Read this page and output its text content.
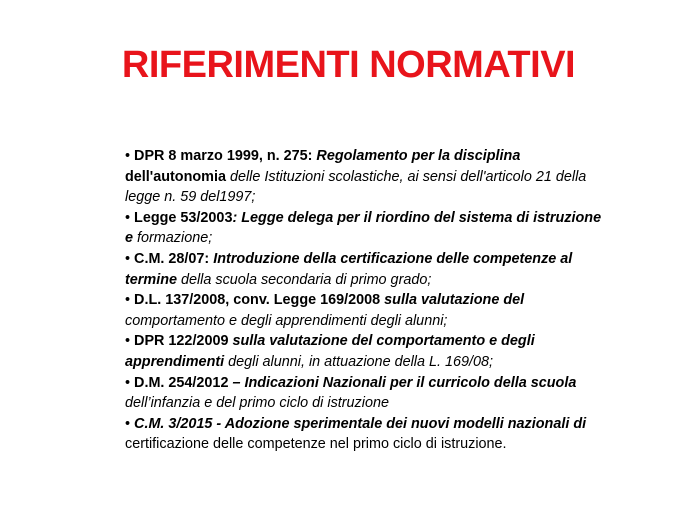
RIFERIMENTI NORMATIVI
• DPR 8 marzo 1999, n. 275: Regolamento per la disciplina
dell'autonomia delle Istituzioni scolastiche, ai sensi dell'articolo 21 della
legge n. 59 del1997;
• Legge 53/2003: Legge delega per il riordino del sistema di istruzione
e formazione;
• C.M. 28/07: Introduzione della certificazione delle competenze al
termine della scuola secondaria di primo grado;
• D.L. 137/2008, conv. Legge 169/2008 sulla valutazione del
comportamento e degli apprendimenti degli alunni;
• DPR 122/2009 sulla valutazione del comportamento e degli
apprendimenti degli alunni, in attuazione della L. 169/08;
• D.M. 254/2012 – Indicazioni Nazionali per il curricolo della scuola
dell’infanzia e del primo ciclo di istruzione
• C.M. 3/2015 - Adozione sperimentale dei nuovi modelli nazionali di
certificazione delle competenze nel primo ciclo di istruzione.
